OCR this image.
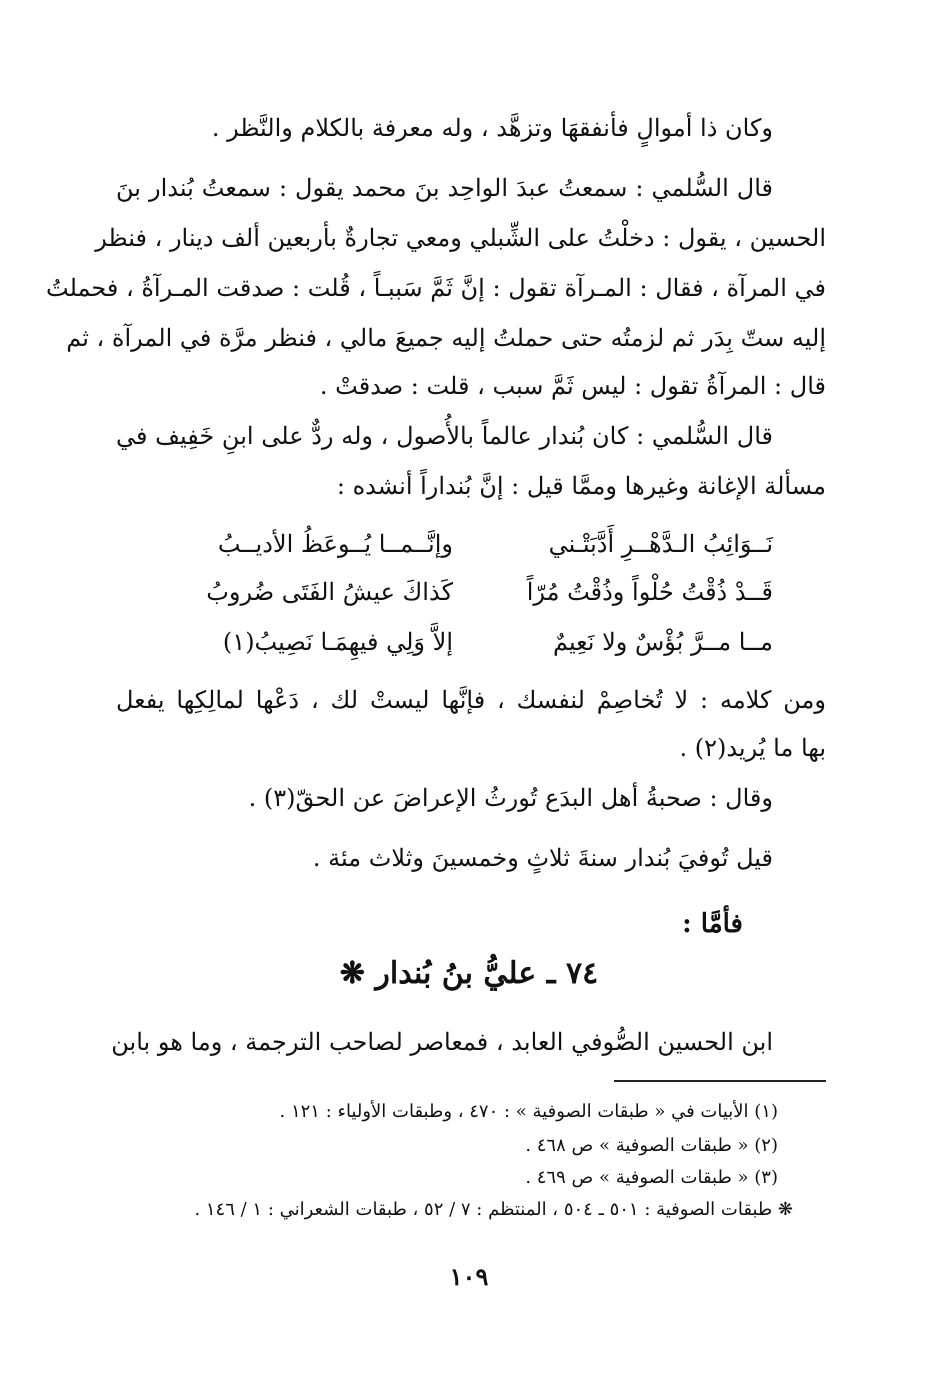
وكان ذا أموالٍ فأنفقهَا وتزهَّد ، وله معرفة بالكلام والنَّظر .
قال السُّلمي : سمعتُ عبدَ الواحِد بنَ محمد يقول : سمعتُ بُندار بنَ
الحسين ، يقول : دخلْتُ على الشِّبلي ومعي تجارةٌ بأربعين ألف دينار ، فنظر
في المرآة ، فقال : المـرآة تقول : إنَّ ثَمَّ سَببـاً ، قُلت : صدقت المـرآةُ ، فحملتُ
إليه ستّ بِدَر ثم لزمتُه حتى حملتُ إليه جميعَ مالي ، فنظر مرَّة في المرآة ، ثم
قال : المرآةُ تقول : ليس ثَمَّ سبب ، قلت : صدقتْ .
قال السُّلمي : كان بُندار عالماً بالأُصول ، وله ردٌّ على ابنِ خَفِيف في
مسألة الإغانة وغيرها وممَّا قيل : إنَّ بُنداراً أنشده :
نَــوَائِبُ الـدَّهْــرِ أَدَّبَتْـني
وإنَّــمــا يُــوعَظُ الأديــبُ
قَــدْ ذُقْتُ حُلْواً وذُقْتُ مُرّاً
كَذاكَ عيشُ الفَتَى ضُروبُ
مــا مــرَّ بُؤْسٌ ولا نَعِيمٌ
إلاَّ وَلِي فيهِمَـا نَصِيبُ(١)
ومن كلامه : لا تُخاصِمْ لنفسك ، فإنَّها ليستْ لك ، دَعْها لمالِكِها يفعل
بها ما يُريد(٢) .
وقال : صحبةُ أهل البدَع تُورثُ الإعراضَ عن الحقّ(٣) .
قيل تُوفيَ بُندار سنةَ ثلاثٍ وخمسينَ وثلاث مئة .
فأمَّا :
٧٤ ـ عليُّ بنُ بُندار ❋
ابن الحسين الصُّوفي العابد ، فمعاصر لصاحب الترجمة ، وما هو بابن
(١) الأبيات في « طبقات الصوفية » : ٤٧٠ ، وطبقات الأولياء : ١٢١ .
(٢) « طبقات الصوفية » ص ٤٦٨ .
(٣) « طبقات الصوفية » ص ٤٦٩ .
❋ طبقات الصوفية : ٥٠١ ـ ٥٠٤ ، المنتظم : ٧ / ٥٢ ، طبقات الشعراني : ١ / ١٤٦ .
١٠٩
